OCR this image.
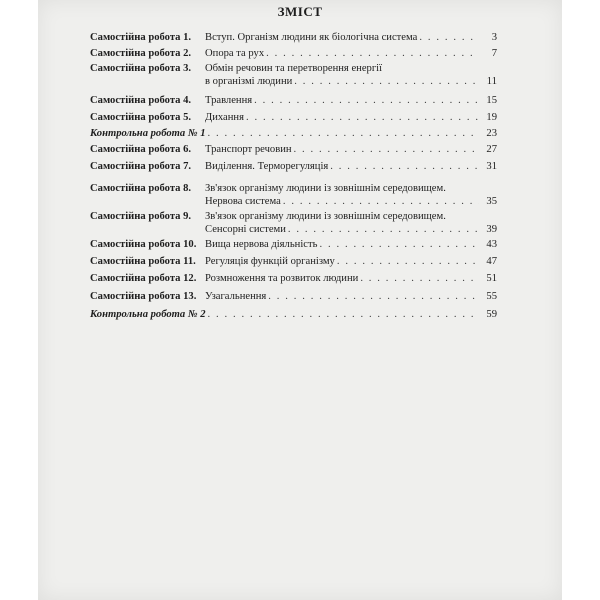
ЗМІСТ
Самостійна робота 1. Вступ. Організм людини як біологічна система . . .	3
Самостійна робота 2. Опора та рух . . .	7
Самостійна робота 3. Обмін речовин та перетворення енергії
в організмі людини . . .	11
Самостійна робота 4. Травлення . . .	15
Самостійна робота 5. Дихання . . .	19
Контрольна робота № 1 . . .	23
Самостійна робота 6. Транспорт речовин . . .	27
Самостійна робота 7. Виділення. Терморегуляція . . .	31
Самостійна робота 8. Зв'язок організму людини із зовнішнім середовищем.
Нервова система . . .	35
Самостійна робота 9. Зв'язок організму людини із зовнішнім середовищем.
Сенсорні системи . . .	39
Самостійна робота 10. Вища нервова діяльність . . .	43
Самостійна робота 11. Регуляція функцій організму . . .	47
Самостійна робота 12. Розмноження та розвиток людини . . .	51
Самостійна робота 13. Узагальнення . . .	55
Контрольна робота № 2 . . .	59
